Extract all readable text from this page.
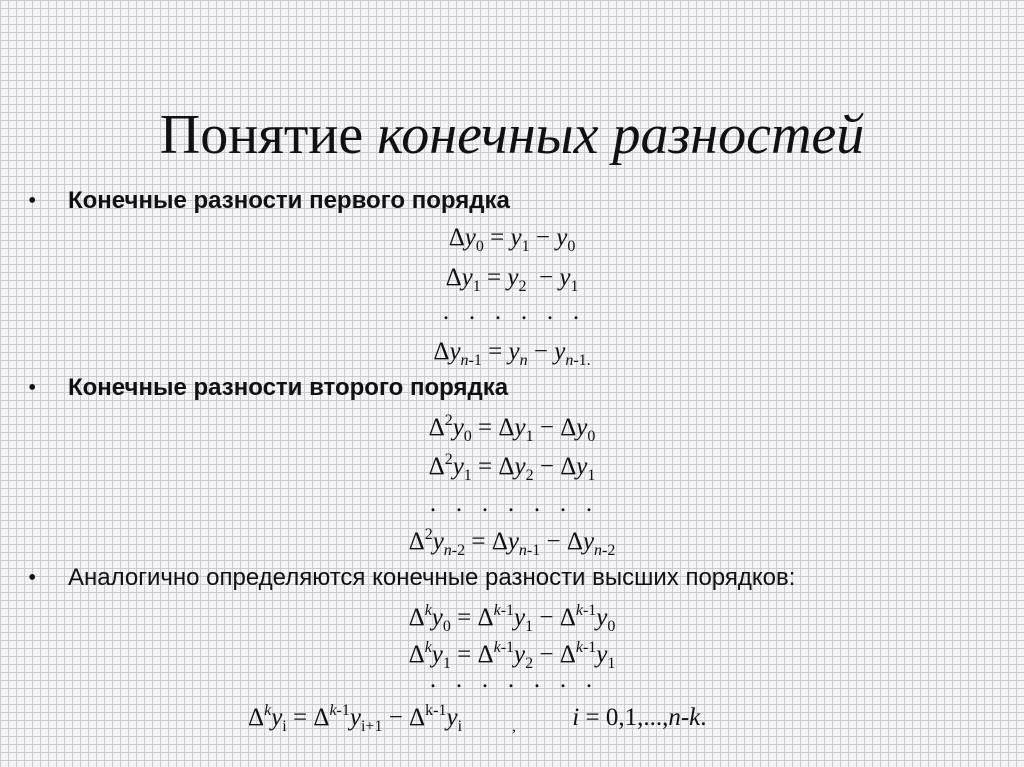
Понятие конечных разностей
• Конечные разности первого порядка
$\Delta y_0 = y_1 - y_0$
$\Delta y_1 = y_2 - y_1$
. . . . . .
$\Delta y_{n-1} = y_n - y_{n-1.}$
• Конечные разности второго порядка
$\Delta^2y_0 = \Delta y_1 - \Delta y_0$
$\Delta^2y_1 = \Delta y_2 - \Delta y_1$
. . . . . . .
$\Delta^2y_{n-2} = \Delta y_{n-1} - \Delta y_{n-2}$
• Аналогично определяются конечные разности высших порядков:
$\Delta^ky_0 = \Delta^{k-1}y_1 - \Delta^{k-1}y_0$
$\Delta^ky_1 = \Delta^{k-1}y_2 - \Delta^{k-1}y_1$
. . . . . . .
$\Delta^ky_i = \Delta^{k-1}y_{i+1} - \Delta^{k-1}y_i$	$_,$ i = 0,1,...,n-k.
